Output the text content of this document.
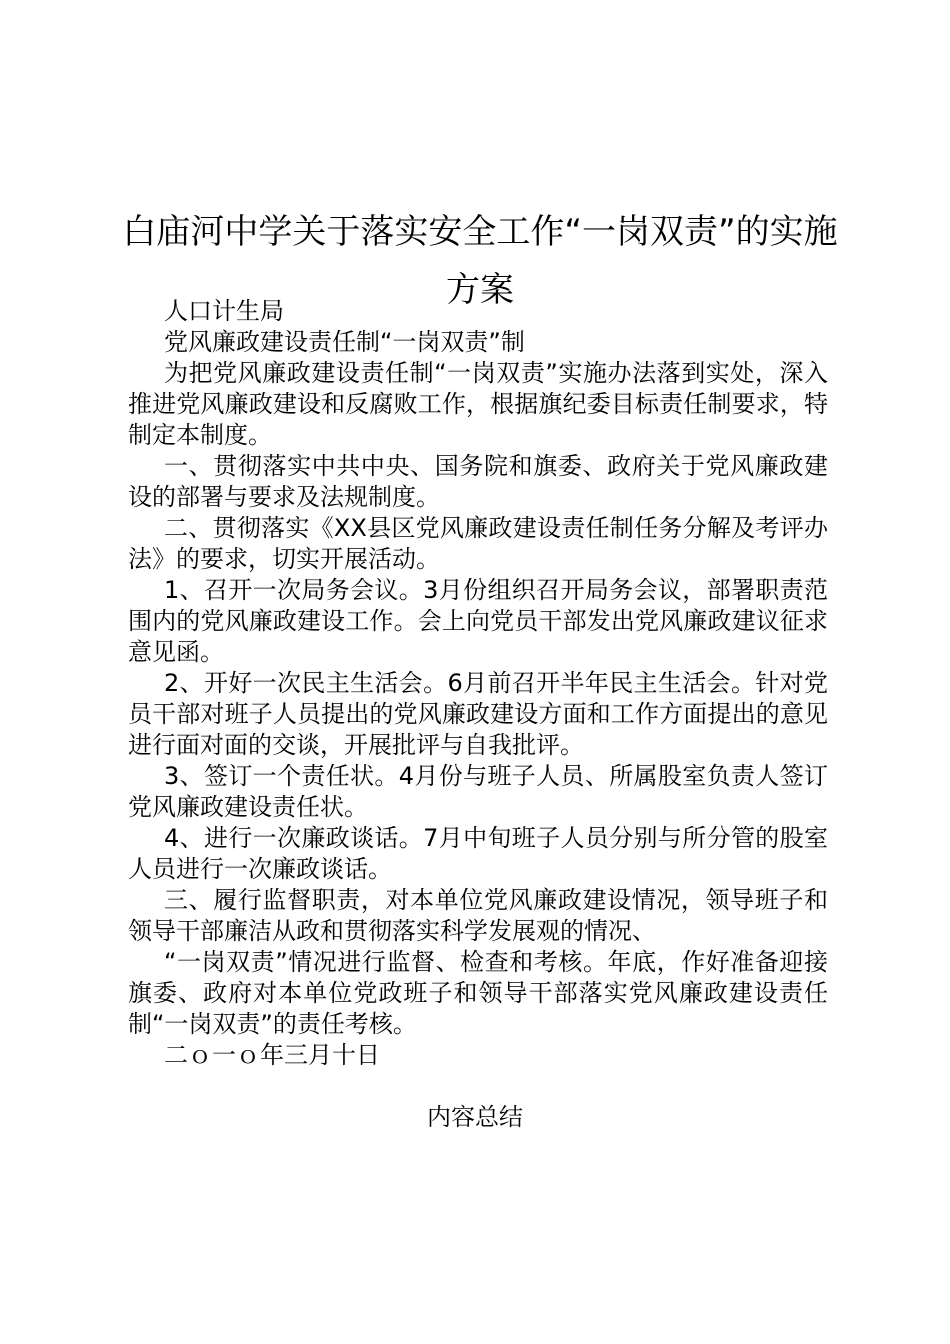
白庙河中学关于落实安全工作“一岗双责”的实施方案

人口计生局

党风廉政建设责任制“一岗双责”制

为把党风廉政建设责任制“一岗双责”实施办法落到实处，深入推进党风廉政建设和反腐败工作，根据旗纪委目标责任制要求，特制定本制度。

一、贯彻落实中共中央、国务院和旗委、政府关于党风廉政建设的部署与要求及法规制度。

二、贯彻落实《XX县区党风廉政建设责任制任务分解及考评办法》的要求，切实开展活动。

1、召开一次局务会议。3月份组织召开局务会议，部署职责范围内的党风廉政建设工作。会上向党员干部发出党风廉政建议征求意见函。

2、开好一次民主生活会。6月前召开半年民主生活会。针对党员干部对班子人员提出的党风廉政建设方面和工作方面提出的意见进行面对面的交谈，开展批评与自我批评。

3、签订一个责任状。4月份与班子人员、所属股室负责人签订党风廉政建设责任状。

4、进行一次廉政谈话。7月中旬班子人员分别与所分管的股室人员进行一次廉政谈话。

三、履行监督职责，对本单位党风廉政建设情况，领导班子和领导干部廉洁从政和贯彻落实科学发展观的情况、

“一岗双责”情况进行监督、检查和考核。年底，作好准备迎接旗委、政府对本单位党政班子和领导干部落实党风廉政建设责任制“一岗双责”的责任考核。

二ｏ一ｏ年三月十日

内容总结
